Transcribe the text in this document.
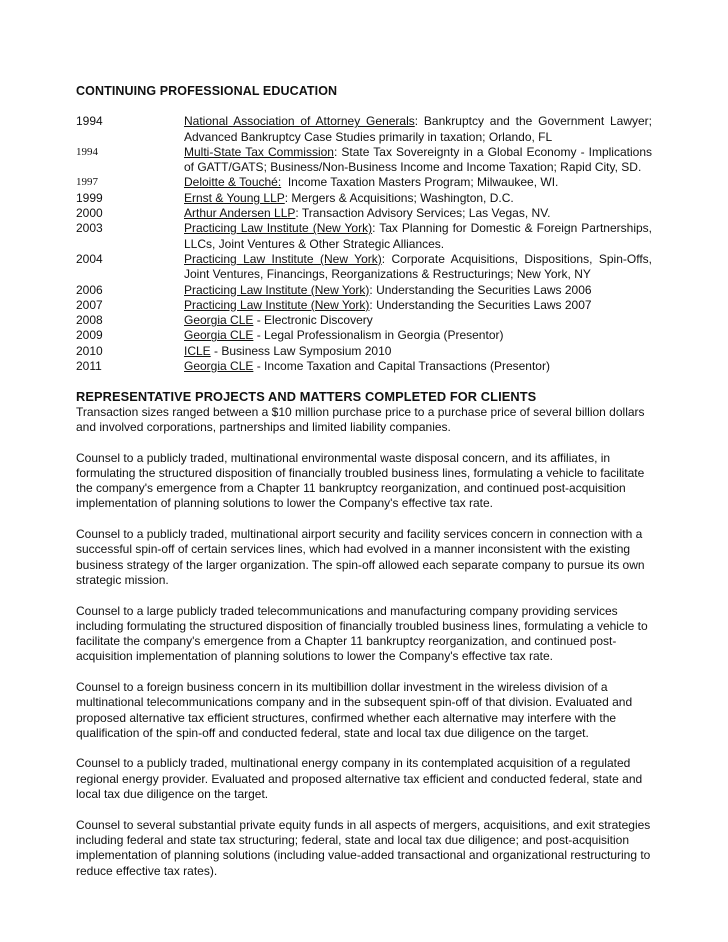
CONTINUING PROFESSIONAL EDUCATION
1994	National Association of Attorney Generals: Bankruptcy and the Government Lawyer; Advanced Bankruptcy Case Studies primarily in taxation; Orlando, FL
1994	Multi-State Tax Commission: State Tax Sovereignty in a Global Economy - Implications of GATT/GATS; Business/Non-Business Income and Income Taxation; Rapid City, SD.
1997	Deloitte & Touché:  Income Taxation Masters Program; Milwaukee, WI.
1999	Ernst & Young LLP: Mergers & Acquisitions; Washington, D.C.
2000	Arthur Andersen LLP: Transaction Advisory Services; Las Vegas, NV.
2003	Practicing Law Institute (New York): Tax Planning for Domestic & Foreign Partnerships, LLCs, Joint Ventures & Other Strategic Alliances.
2004	Practicing Law Institute (New York): Corporate Acquisitions, Dispositions, Spin-Offs, Joint Ventures, Financings, Reorganizations & Restructurings; New York, NY
2006	Practicing Law Institute (New York): Understanding the Securities Laws 2006
2007	Practicing Law Institute (New York): Understanding the Securities Laws 2007
2008	Georgia CLE - Electronic Discovery
2009	Georgia CLE - Legal Professionalism in Georgia (Presentor)
2010	ICLE - Business Law Symposium 2010
2011	Georgia CLE - Income Taxation and Capital Transactions (Presentor)
REPRESENTATIVE PROJECTS AND MATTERS COMPLETED FOR CLIENTS

Transaction sizes ranged between a $10 million purchase price to a purchase price of several billion dollars and involved corporations, partnerships and limited liability companies.

Counsel to a publicly traded, multinational environmental waste disposal concern, and its affiliates, in formulating the structured disposition of financially troubled business lines, formulating a vehicle to facilitate the company's emergence from a Chapter 11 bankruptcy reorganization, and continued post-acquisition implementation of planning solutions to lower the Company's effective tax rate.

Counsel to a publicly traded, multinational airport security and facility services concern in connection with a successful spin-off of certain services lines, which had evolved in a manner inconsistent with the existing business strategy of the larger organization. The spin-off allowed each separate company to pursue its own strategic mission.

Counsel to a large publicly traded telecommunications and manufacturing company providing services including formulating the structured disposition of financially troubled business lines, formulating a vehicle to facilitate the company's emergence from a Chapter 11 bankruptcy reorganization, and continued post-acquisition implementation of planning solutions to lower the Company's effective tax rate.

Counsel to a foreign business concern in its multibillion dollar investment in the wireless division of a multinational telecommunications company and in the subsequent spin-off of that division. Evaluated and proposed alternative tax efficient structures, confirmed whether each alternative may interfere with the qualification of the spin-off and conducted federal, state and local tax due diligence on the target.

Counsel to a publicly traded, multinational energy company in its contemplated acquisition of a regulated regional energy provider. Evaluated and proposed alternative tax efficient and conducted federal, state and local tax due diligence on the target.

Counsel to several substantial private equity funds in all aspects of mergers, acquisitions, and exit strategies including federal and state tax structuring; federal, state and local tax due diligence; and post-acquisition implementation of planning solutions (including value-added transactional and organizational restructuring to reduce effective tax rates).
